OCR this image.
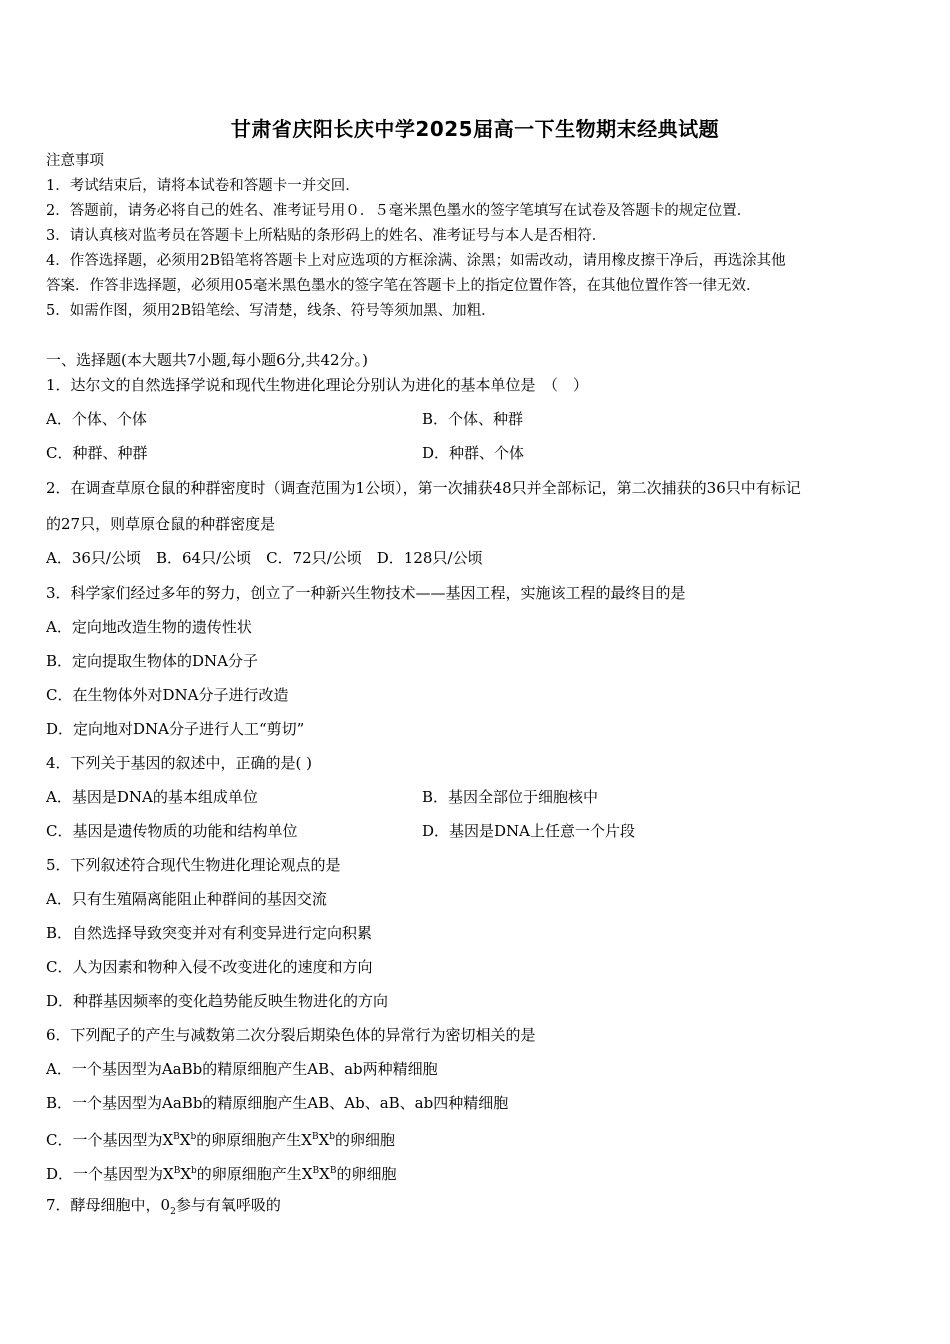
甘肃省庆阳长庆中学2025届高一下生物期末经典试题
注意事项
1．考试结束后，请将本试卷和答题卡一并交回．
2．答题前，请务必将自己的姓名、准考证号用０．５毫米黑色墨水的签字笔填写在试卷及答题卡的规定位置．
3．请认真核对监考员在答题卡上所粘贴的条形码上的姓名、准考证号与本人是否相符．
4．作答选择题，必须用2B铅笔将答题卡上对应选项的方框涂满、涂黑；如需改动，请用橡皮擦干净后，再选涂其他
答案．作答非选择题，必须用05毫米黑色墨水的签字笔在答题卡上的指定位置作答，在其他位置作答一律无效．
5．如需作图，须用2B铅笔绘、写清楚，线条、符号等须加黑、加粗．
一、选择题(本大题共7小题,每小题6分,共42分。)
1．达尔文的自然选择学说和现代生物进化理论分别认为进化的基本单位是　（　）
A．个体、个体	B．个体、种群
C．种群、种群	D．种群、个体
2．在调查草原仓鼠的种群密度时（调查范围为1公顷），第一次捕获48只并全部标记，第二次捕获的36只中有标记
的27只，则草原仓鼠的种群密度是
A．36只/公顷　B．64只/公顷　C．72只/公顷　D．128只/公顷
3．科学家们经过多年的努力，创立了一种新兴生物技术——基因工程，实施该工程的最终目的是
A．定向地改造生物的遗传性状
B．定向提取生物体的DNA分子
C．在生物体外对DNA分子进行改造
D．定向地对DNA分子进行人工“剪切”
4．下列关于基因的叙述中，正确的是( )
A．基因是DNA的基本组成单位	B．基因全部位于细胞核中
C．基因是遗传物质的功能和结构单位	D．基因是DNA上任意一个片段
5．下列叙述符合现代生物进化理论观点的是
A．只有生殖隔离能阻止种群间的基因交流
B．自然选择导致突变并对有利变异进行定向积累
C．人为因素和物种入侵不改变进化的速度和方向
D．种群基因频率的变化趋势能反映生物进化的方向
6．下列配子的产生与减数第二次分裂后期染色体的异常行为密切相关的是
A．一个基因型为AaBb的精原细胞产生AB、ab两种精细胞
B．一个基因型为AaBb的精原细胞产生AB、Ab、aB、ab四种精细胞
C．一个基因型为$X^BX^b$的卵原细胞产生$X^BX^b$的卵细胞
D．一个基因型为$X^BX^b$的卵原细胞产生$X^BX^B$的卵细胞
7．酵母细胞中，$0_2$参与有氧呼吸的
